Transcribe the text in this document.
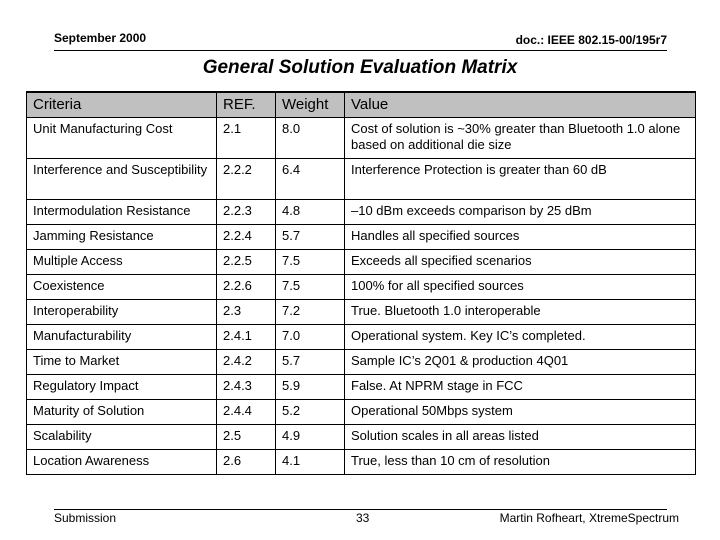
September 2000	doc.: IEEE 802.15-00/195r7
General Solution Evaluation Matrix
Criteria	REF.	Weight	Value
Unit Manufacturing Cost	2.1	8.0	Cost of solution is ~30% greater than Bluetooth 1.0 alone based on additional die size
Interference and Susceptibility	2.2.2	6.4	Interference Protection is greater than 60 dB
Intermodulation Resistance	2.2.3	4.8	–10 dBm exceeds comparison by 25 dBm
Jamming Resistance	2.2.4	5.7	Handles all specified sources
Multiple Access	2.2.5	7.5	Exceeds all specified scenarios
Coexistence	2.2.6	7.5	100% for all specified sources
Interoperability	2.3	7.2	True. Bluetooth 1.0 interoperable
Manufacturability	2.4.1	7.0	Operational system. Key IC’s completed.
Time to Market	2.4.2	5.7	Sample IC’s 2Q01 & production 4Q01
Regulatory Impact	2.4.3	5.9	False. At NPRM stage in FCC
Maturity of Solution	2.4.4	5.2	Operational 50Mbps system
Scalability	2.5	4.9	Solution scales in all areas listed
Location Awareness	2.6	4.1	True, less than 10 cm of resolution
Submission	33	Martin Rofheart, XtremeSpectrum
